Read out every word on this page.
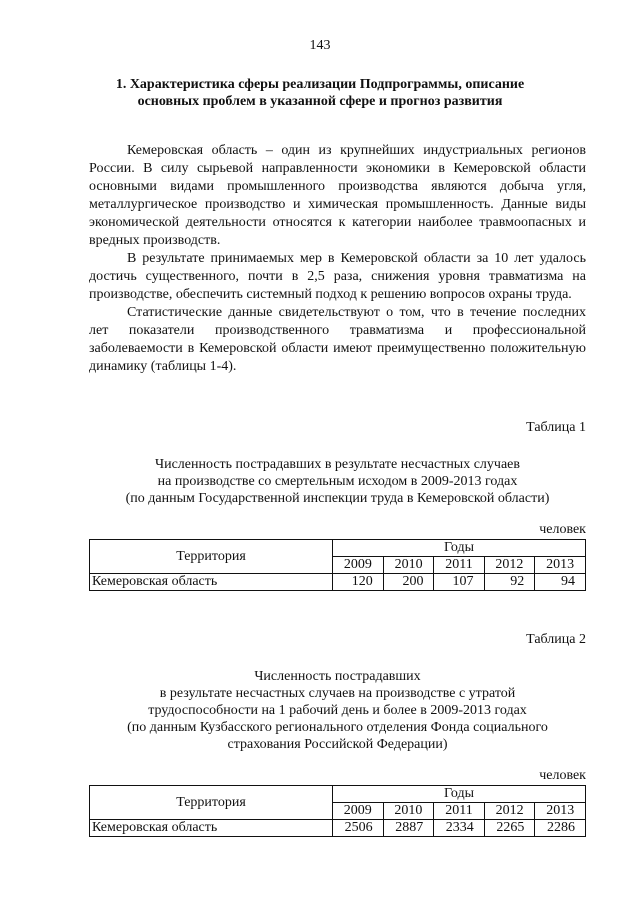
143
1. Характеристика сферы реализации Подпрограммы, описание
основных проблем в указанной сфере и прогноз развития

Кемеровская область – один из крупнейших индустриальных регионов России. В силу сырьевой направленности экономики в Кемеровской области основными видами промышленного производства являются добыча угля, металлургическое производство и химическая промышленность. Данные виды экономической деятельности относятся к категории наиболее травмоопасных и вредных производств.

В результате принимаемых мер в Кемеровской области за 10 лет удалось достичь существенного, почти в 2,5 раза, снижения уровня травматизма на производстве, обеспечить системный подход к решению вопросов охраны труда.

Статистические данные свидетельствуют о том, что в течение последних лет показатели производственного травматизма и профессиональной заболеваемости в Кемеровской области имеют преимущественно положительную динамику (таблицы 1-4).

Таблица 1
Численность пострадавших в результате несчастных случаев
на производстве со смертельным исходом в 2009-2013 годах
(по данным Государственной инспекции труда в Кемеровской области)
человек
Территория	Годы				
	2009	2010	2011	2012	2013
Кемеровская область	120	200	107	92	94
Таблица 2
Численность пострадавших
в результате несчастных случаев на производстве с утратой
трудоспособности на 1 рабочий день и более в 2009-2013 годах
(по данным Кузбасского регионального отделения Фонда социального
страхования Российской Федерации)
человек
Территория	Годы				
	2009	2010	2011	2012	2013
Кемеровская область	2506	2887	2334	2265	2286
